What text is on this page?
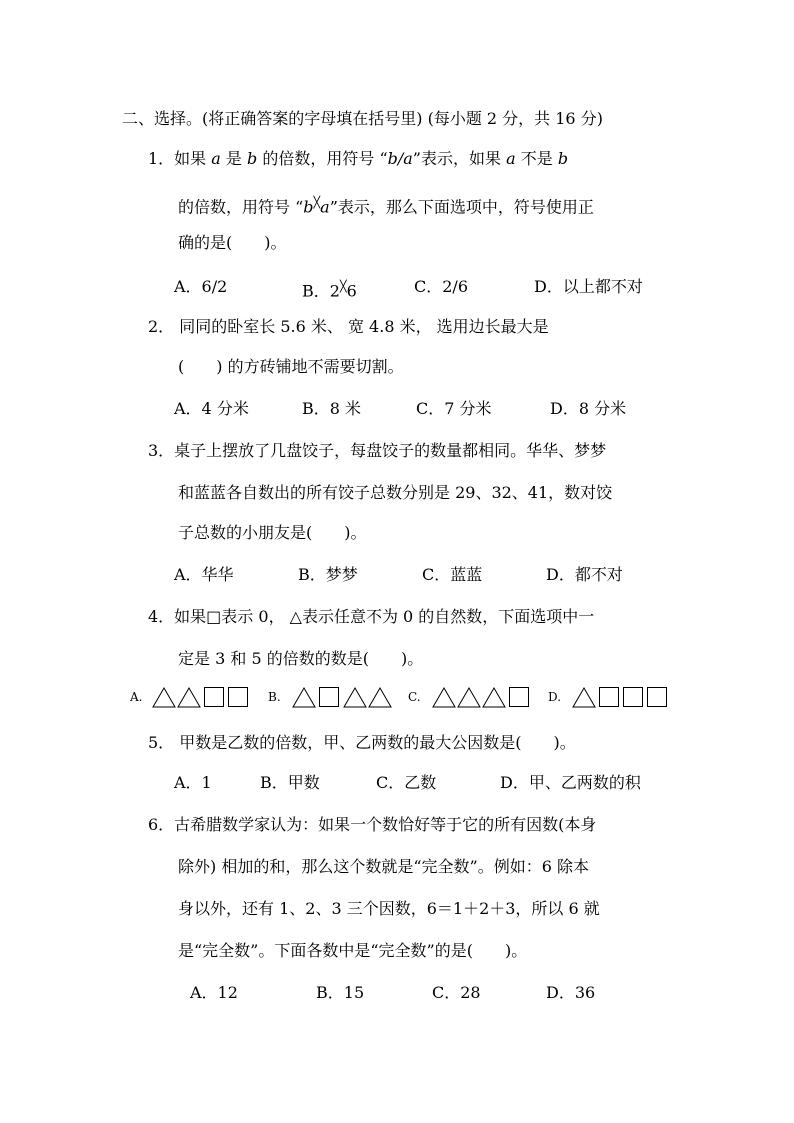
二、选择。(将正确答案的字母填在括号里) (每小题 2 分，共 16 分)
1．如果 a 是 b 的倍数，用符号 “b/a”表示，如果 a 不是 b
的倍数，用符号 “b╳a”表示，那么下面选项中，符号使用正
确的是(　　)。
A．6/2	B．2╳6	C．2/6	D．以上都不对
2． 同同的卧室长 5.6 米、 宽 4.8 米， 选用边长最大是
(　　) 的方砖铺地不需要切割。
A．4 分米	B．8 米	C．7 分米	D．8 分米
3．桌子上摆放了几盘饺子，每盘饺子的数量都相同。华华、梦梦
和蓝蓝各自数出的所有饺子总数分别是 29、32、41，数对饺
子总数的小朋友是(　　)。
A．华华	B．梦梦	C．蓝蓝	D．都不对
4．如果□表示 0， △表示任意不为 0 的自然数，下面选项中一
定是 3 和 5 的倍数的数是(　　)。
A.	B.	C.	D.
5． 甲数是乙数的倍数，甲、乙两数的最大公因数是(　　)。
A．1	B．甲数	C．乙数	D．甲、乙两数的积
6．古希腊数学家认为：如果一个数恰好等于它的所有因数(本身
除外) 相加的和，那么这个数就是“完全数”。例如：6 除本
身以外，还有 1、2、3 三个因数，6＝1＋2＋3，所以 6 就
是“完全数”。下面各数中是“完全数”的是(　　)。
A．12	B．15	C．28	D．36
